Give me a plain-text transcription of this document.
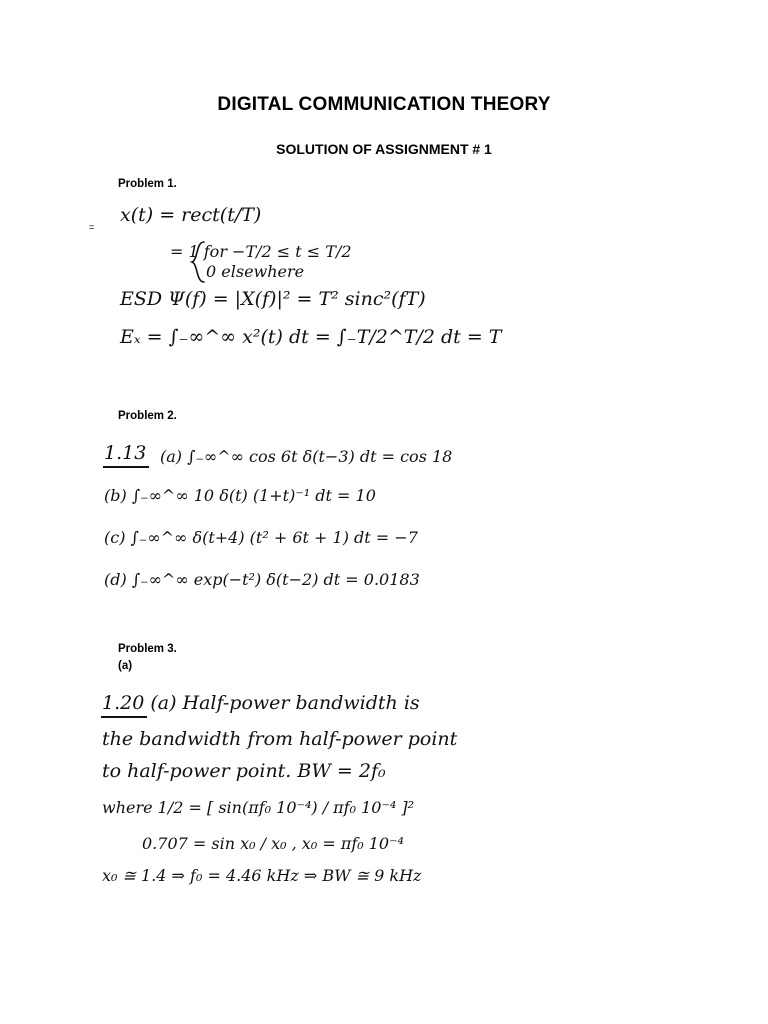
DIGITAL COMMUNICATION THEORY
SOLUTION OF ASSIGNMENT # 1
Problem 1.
=
x(t) = rect(t/T)
= 1 for −T/2 ≤ t ≤ T/2
0 elsewhere
ESD Ψ(f) = |X(f)|² = T² sinc²(fT)
Eₓ = ∫₋∞^∞ x²(t) dt = ∫₋T/2^T/2 dt = T
Problem 2.
1.13 (a) ∫₋∞^∞ cos 6t δ(t−3) dt = cos 18
(b) ∫₋∞^∞ 10 δ(t) (1+t)⁻¹ dt = 10
(c) ∫₋∞^∞ δ(t+4) (t² + 6t + 1) dt = −7
(d) ∫₋∞^∞ exp(−t²) δ(t−2) dt = 0.0183
Problem 3.
(a)
1.20 (a) Half-power bandwidth is
the bandwidth from half-power point
to half-power point. BW = 2f₀
where 1/2 = [ sin(πf₀ 10⁻⁴) / πf₀ 10⁻⁴ ]²
0.707 = sin x₀ / x₀ , x₀ = πf₀ 10⁻⁴
x₀ ≅ 1.4 ⇒ f₀ = 4.46 kHz ⇒ BW ≅ 9 kHz
